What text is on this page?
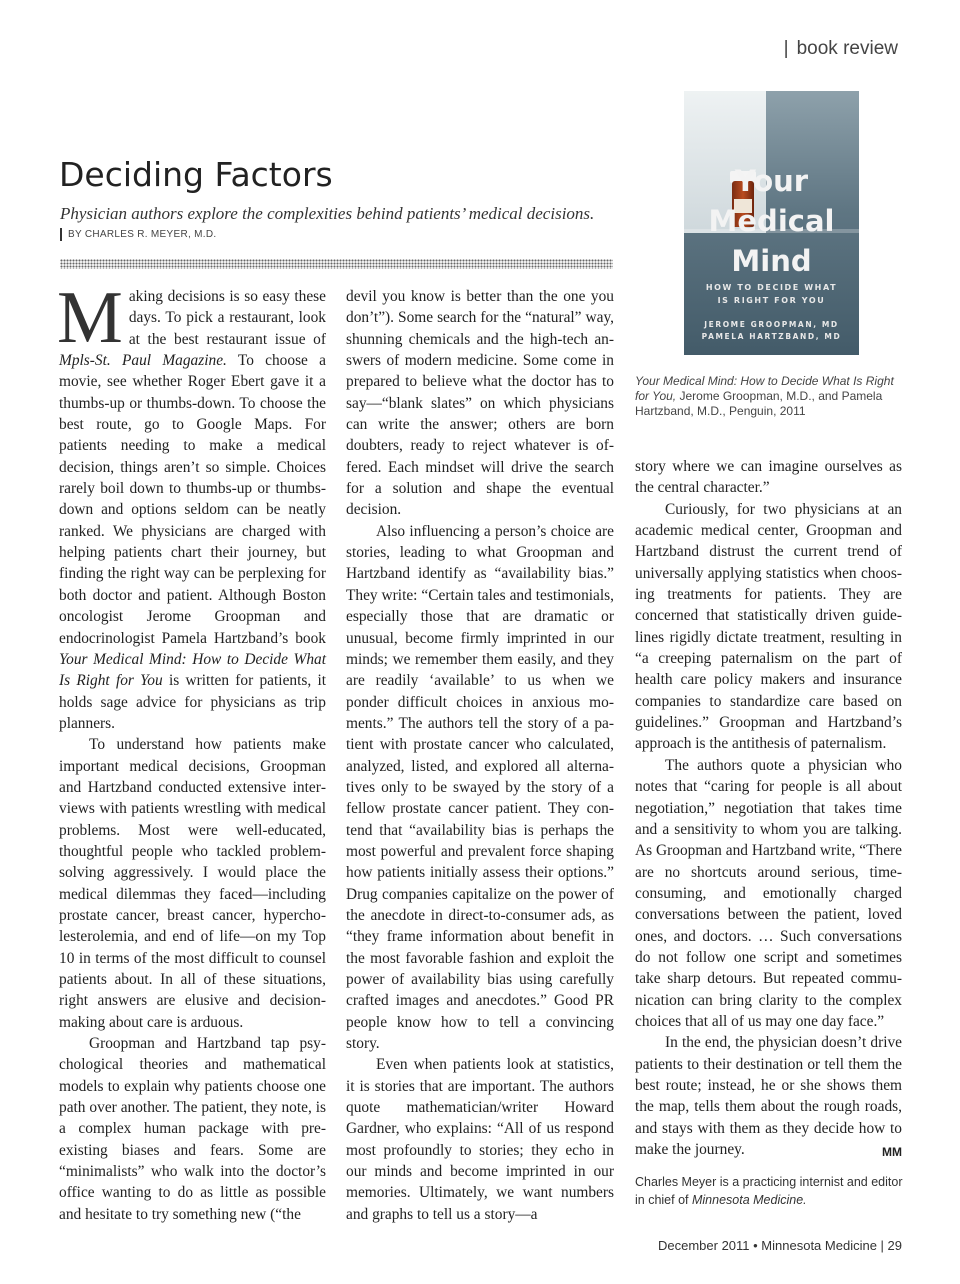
| book review
Your
Medical
Mind
HOW TO DECIDE WHAT
IS RIGHT FOR YOU
JEROME GROOPMAN, MD
PAMELA HARTZBAND, MD
Your Medical Mind: How to Decide What Is Right for You, Jerome Groopman, M.D., and Pamela Hartzband, M.D., Penguin, 2011
Deciding Factors
Physician authors explore the complexities behind patients’ medical decisions.
BY CHARLES R. MEYER, M.D.

Making decisions is so easy these days. To pick a restaurant, look at the best restaurant issue of Mpls-St. Paul Magazine. To choose a movie, see whether Roger Ebert gave it a thumbs-up or thumbs-down. To choose the best route, go to Google Maps. For patients needing to make a medical decision, things aren’t so simple. Choices rarely boil down to thumbs-up or thumbs-down and options seldom can be neatly ranked. We physicians are charged with helping patients chart their journey, but finding the right way can be perplexing for both doctor and patient. Although Boston oncologist Jerome Groopman and endocrinologist Pamela Hartzband’s book Your Medical Mind: How to Decide What Is Right for You is written for patients, it holds sage advice for physicians as trip planners.

To understand how patients make important medical decisions, Groopman and Hartzband conducted extensive interviews with patients wrestling with medical problems. Most were well-educated, thoughtful people who tackled problem-solving aggressively. I would place the medical dilemmas they faced—including prostate cancer, breast cancer, hypercholesterolemia, and end of life—on my Top 10 in terms of the most difficult to counsel patients about. In all of these situations, right answers are elusive and decision-making about care is arduous.

Groopman and Hartzband tap psychological theories and mathematical models to explain why patients choose one path over another. The patient, they note, is a complex human package with pre-existing biases and fears. Some are “minimalists” who walk into the doctor’s office wanting to do as little as possible and hesitate to try something new (“the

devil you know is better than the one you don’t”). Some search for the “natural” way, shunning chemicals and the high-tech answers of modern medicine. Some come in prepared to believe what the doctor has to say—“blank slates” on which physicians can write the answer; others are born doubters, ready to reject whatever is offered. Each mindset will drive the search for a solution and shape the eventual decision.

Also influencing a person’s choice are stories, leading to what Groopman and Hartzband identify as “availability bias.” They write: “Certain tales and testimonials, especially those that are dramatic or unusual, become firmly imprinted in our minds; we remember them easily, and they are readily ‘available’ to us when we ponder difficult choices in anxious moments.” The authors tell the story of a patient with prostate cancer who calculated, analyzed, listed, and explored all alternatives only to be swayed by the story of a fellow prostate cancer patient. They contend that “availability bias is perhaps the most powerful and prevalent force shaping how patients initially assess their options.” Drug companies capitalize on the power of the anecdote in direct-to-consumer ads, as “they frame information about benefit in the most favorable fashion and exploit the power of availability bias using carefully crafted images and anecdotes.” Good PR people know how to tell a convincing story.

Even when patients look at statistics, it is stories that are important. The authors quote mathematician/writer Howard Gardner, who explains: “All of us respond most profoundly to stories; they echo in our minds and become imprinted in our memories. Ultimately, we want numbers and graphs to tell us a story—a

story where we can imagine ourselves as the central character.”

Curiously, for two physicians at an academic medical center, Groopman and Hartzband distrust the current trend of universally applying statistics when choosing treatments for patients. They are concerned that statistically driven guidelines rigidly dictate treatment, resulting in “a creeping paternalism on the part of health care policy makers and insurance companies to standardize care based on guidelines.” Groopman and Hartzband’s approach is the antithesis of paternalism.

The authors quote a physician who notes that “caring for people is all about negotiation,” negotiation that takes time and a sensitivity to whom you are talking. As Groopman and Hartzband write, “There are no shortcuts around serious, time-consuming, and emotionally charged conversations between the patient, loved ones, and doctors. … Such conversations do not follow one script and sometimes take sharp detours. But repeated communication can bring clarity to the complex choices that all of us may one day face.”

In the end, the physician doesn’t drive patients to their destination or tell them the best route; instead, he or she shows them the map, tells them about the rough roads, and stays with them as they decide how to make the journey.	MM

Charles Meyer is a practicing internist and editor in chief of Minnesota Medicine.
December 2011 • Minnesota Medicine | 29
